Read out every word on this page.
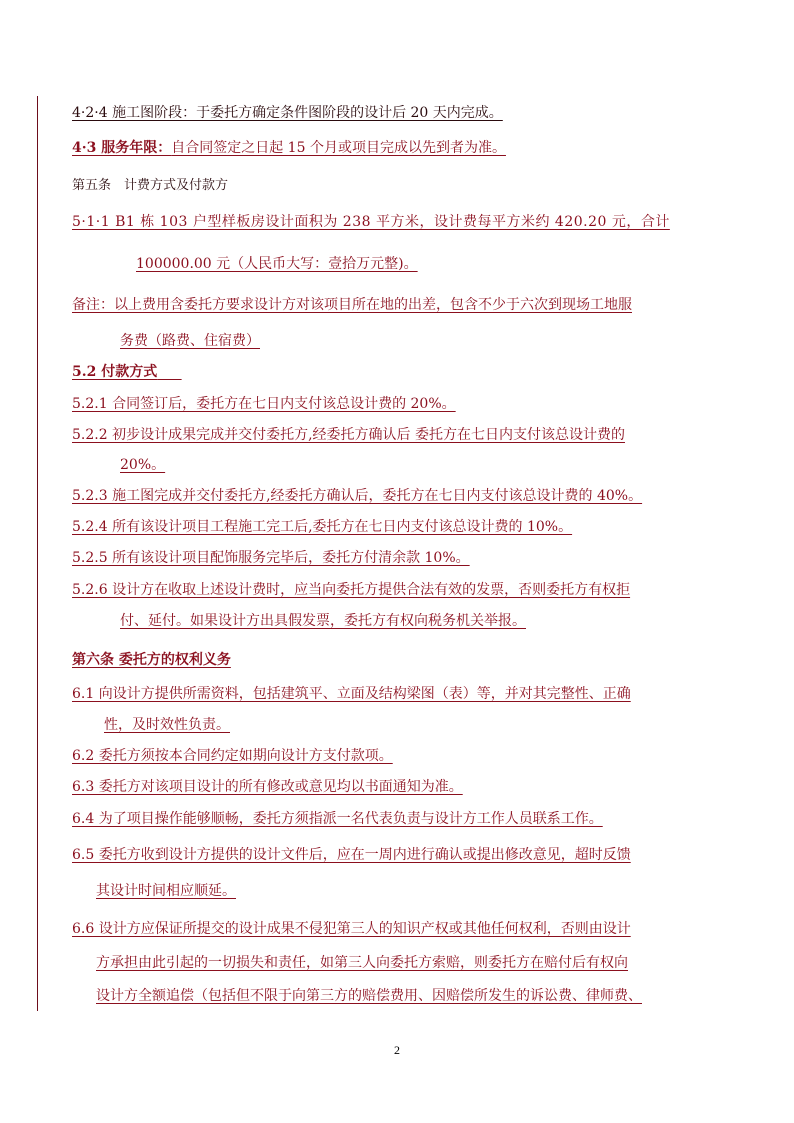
4·2·4 施工图阶段：于委托方确定条件图阶段的设计后 20 天内完成。
4·3 服务年限：自合同签定之日起 15 个月或项目完成以先到者为准。
第五条　计费方式及付款方
5·1·1 B1 栋 103 户型样板房设计面积为 238 平方米，设计费每平方米约 420.20 元，合计
100000.00 元（人民币大写：壹拾万元整)。
备注：以上费用含委托方要求设计方对该项目所在地的出差，包含不少于六次到现场工地服
务费（路费、住宿费）
5.2 付款方式
5.2.1 合同签订后，委托方在七日内支付该总设计费的 20%。
5.2.2 初步设计成果完成并交付委托方,经委托方确认后 委托方在七日内支付该总设计费的
20%。
5.2.3 施工图完成并交付委托方,经委托方确认后，委托方在七日内支付该总设计费的 40%。
5.2.4 所有该设计项目工程施工完工后,委托方在七日内支付该总设计费的 10%。
5.2.5 所有该设计项目配饰服务完毕后，委托方付清余款 10%。
5.2.6 设计方在收取上述设计费时，应当向委托方提供合法有效的发票，否则委托方有权拒
付、延付。如果设计方出具假发票，委托方有权向税务机关举报。
第六条 委托方的权利义务
6.1 向设计方提供所需资料，包括建筑平、立面及结构梁图（表）等，并对其完整性、正确
性，及时效性负责。
6.2 委托方须按本合同约定如期向设计方支付款项。
6.3 委托方对该项目设计的所有修改或意见均以书面通知为准。
6.4 为了项目操作能够顺畅，委托方须指派一名代表负责与设计方工作人员联系工作。
6.5 委托方收到设计方提供的设计文件后，应在一周内进行确认或提出修改意见，超时反馈
其设计时间相应顺延。
6.6 设计方应保证所提交的设计成果不侵犯第三人的知识产权或其他任何权利，否则由设计
方承担由此引起的一切损失和责任，如第三人向委托方索赔，则委托方在赔付后有权向
设计方全额追偿（包括但不限于向第三方的赔偿费用、因赔偿所发生的诉讼费、律师费、
2
